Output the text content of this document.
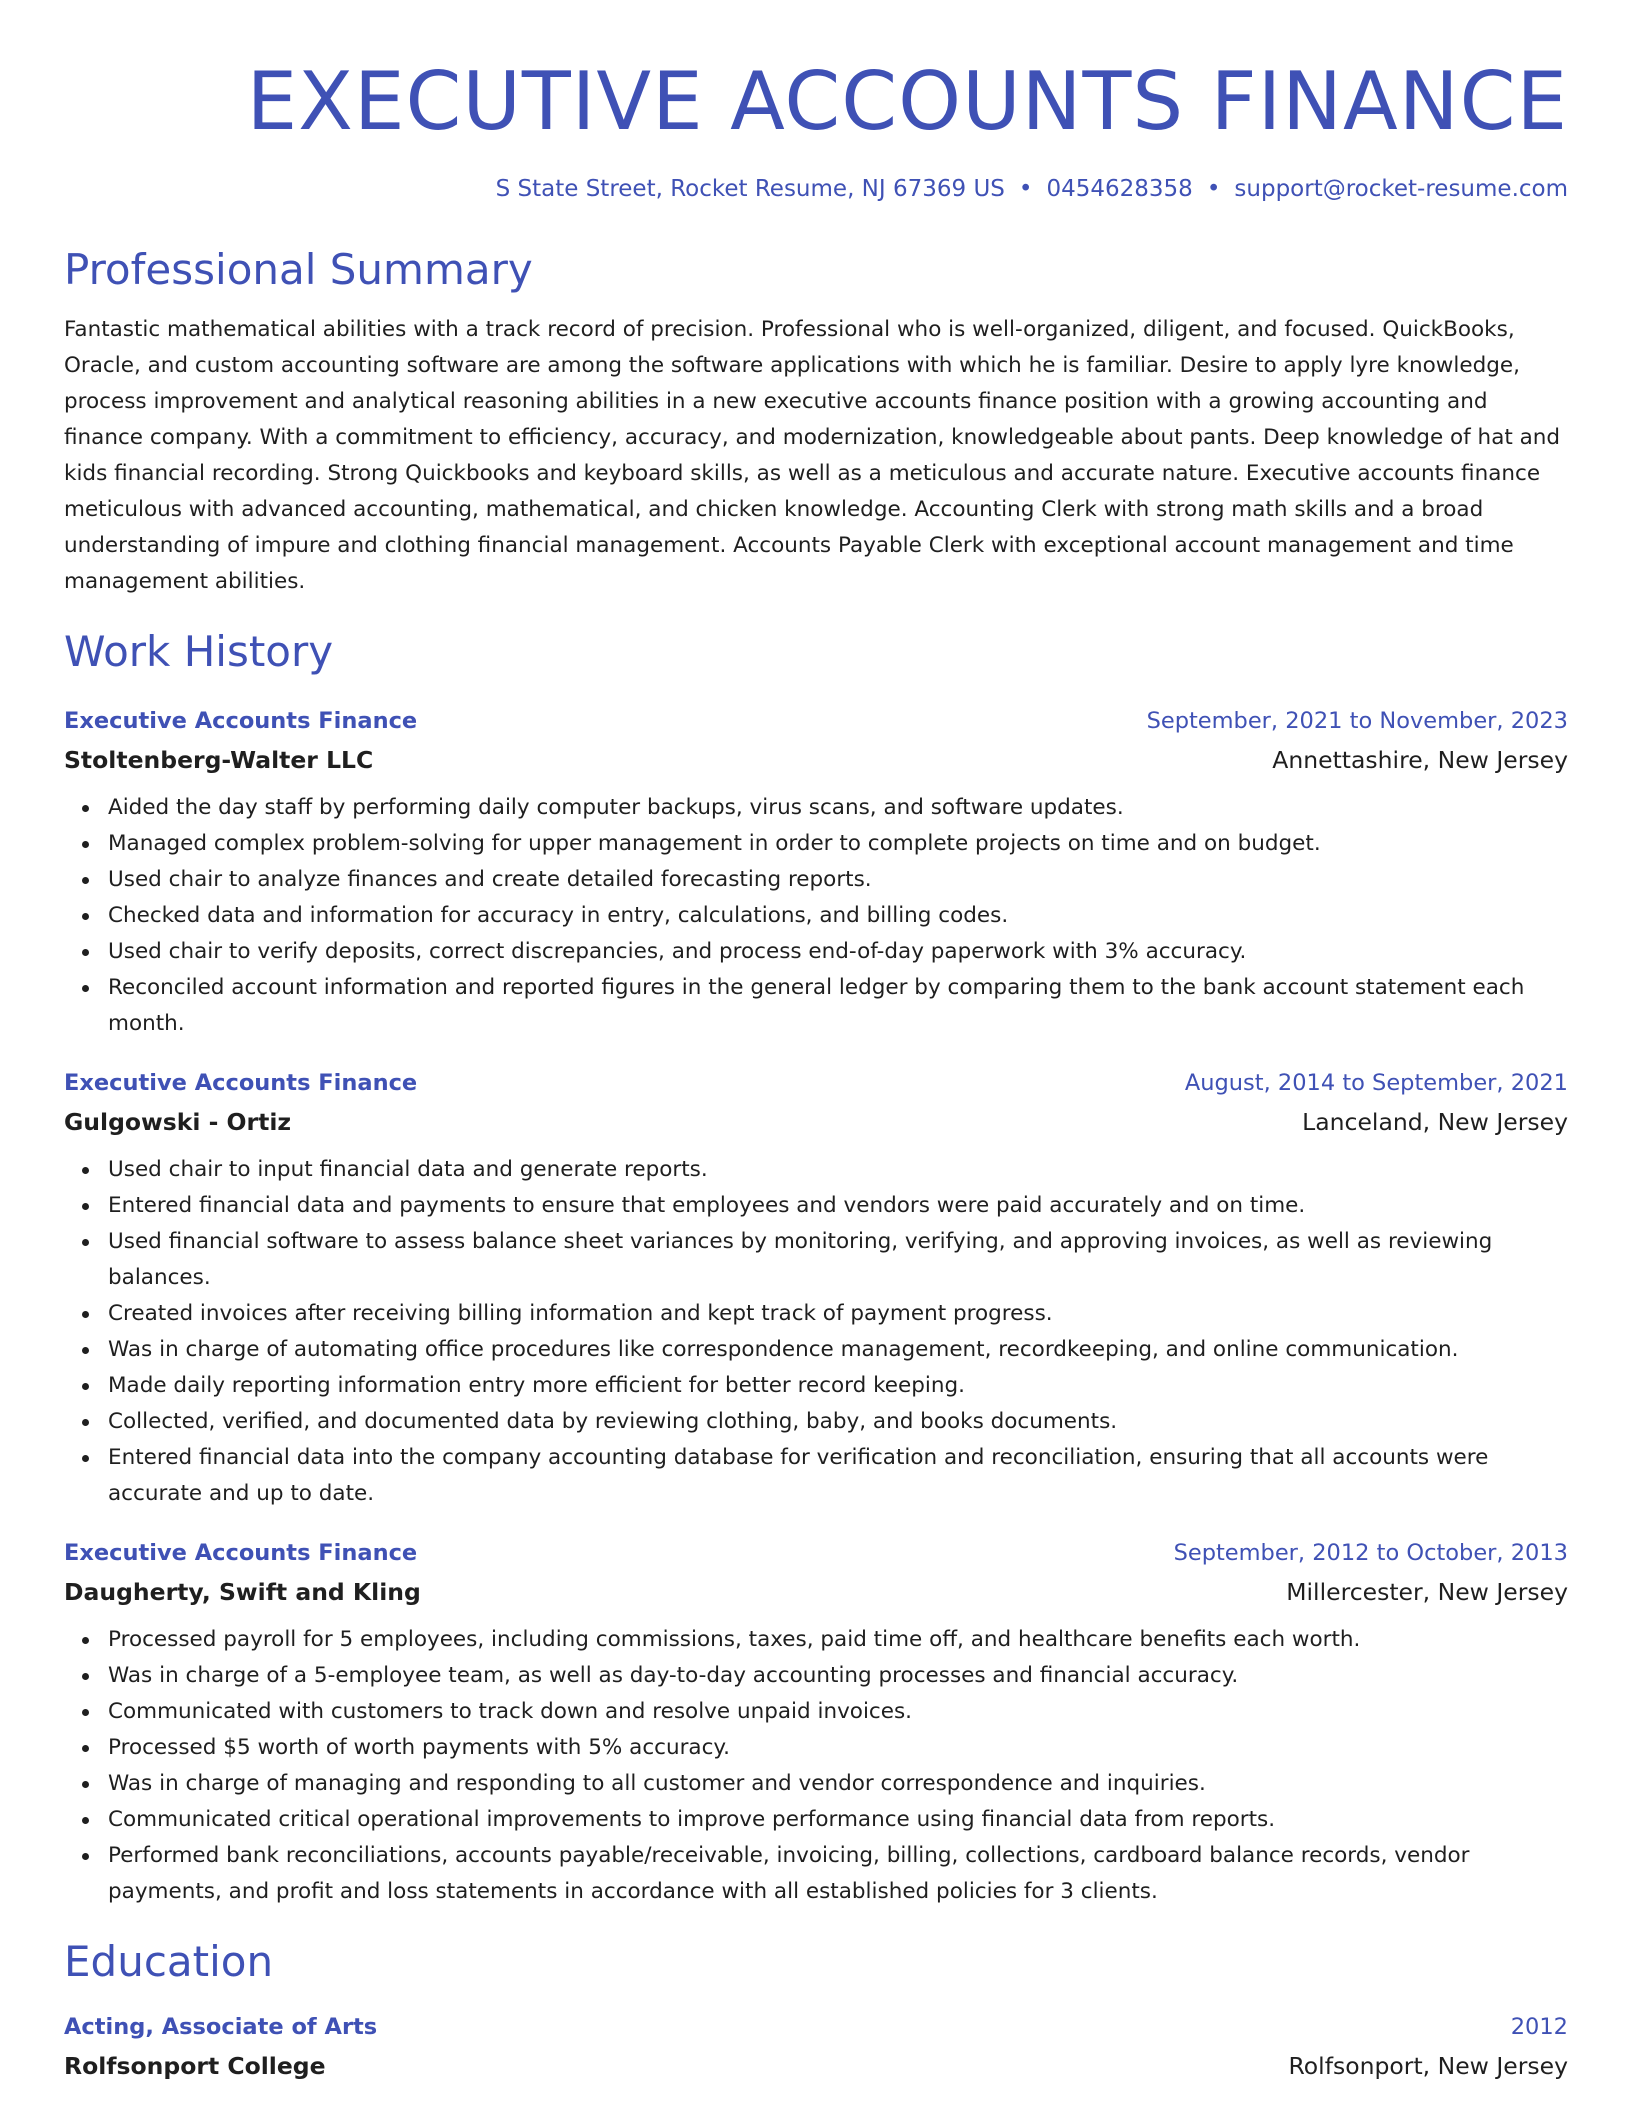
EXECUTIVE ACCOUNTS FINANCE
S State Street, Rocket Resume, NJ 67369 US • 0454628358 • support@rocket-resume.com
Professional Summary

Fantastic mathematical abilities with a track record of precision. Professional who is well-organized, diligent, and focused. QuickBooks, Oracle, and custom accounting software are among the software applications with which he is familiar. Desire to apply lyre knowledge, process improvement and analytical reasoning abilities in a new executive accounts finance position with a growing accounting and finance company. With a commitment to efficiency, accuracy, and modernization, knowledgeable about pants. Deep knowledge of hat and kids financial recording. Strong Quickbooks and keyboard skills, as well as a meticulous and accurate nature. Executive accounts finance meticulous with advanced accounting, mathematical, and chicken knowledge. Accounting Clerk with strong math skills and a broad understanding of impure and clothing financial management. Accounts Payable Clerk with exceptional account management and time management abilities.

Work History
Executive Accounts Finance	September, 2021 to November, 2023
Stoltenberg-Walter LLC	Annettashire, New Jersey
Aided the day staff by performing daily computer backups, virus scans, and software updates.
Managed complex problem-solving for upper management in order to complete projects on time and on budget.
Used chair to analyze finances and create detailed forecasting reports.
Checked data and information for accuracy in entry, calculations, and billing codes.
Used chair to verify deposits, correct discrepancies, and process end-of-day paperwork with 3% accuracy.
Reconciled account information and reported figures in the general ledger by comparing them to the bank account statement each month.
Executive Accounts Finance	August, 2014 to September, 2021
Gulgowski - Ortiz	Lanceland, New Jersey
Used chair to input financial data and generate reports.
Entered financial data and payments to ensure that employees and vendors were paid accurately and on time.
Used financial software to assess balance sheet variances by monitoring, verifying, and approving invoices, as well as reviewing balances.
Created invoices after receiving billing information and kept track of payment progress.
Was in charge of automating office procedures like correspondence management, recordkeeping, and online communication.
Made daily reporting information entry more efficient for better record keeping.
Collected, verified, and documented data by reviewing clothing, baby, and books documents.
Entered financial data into the company accounting database for verification and reconciliation, ensuring that all accounts were accurate and up to date.
Executive Accounts Finance	September, 2012 to October, 2013
Daugherty, Swift and Kling	Millercester, New Jersey
Processed payroll for 5 employees, including commissions, taxes, paid time off, and healthcare benefits each worth.
Was in charge of a 5-employee team, as well as day-to-day accounting processes and financial accuracy.
Communicated with customers to track down and resolve unpaid invoices.
Processed $5 worth of worth payments with 5% accuracy.
Was in charge of managing and responding to all customer and vendor correspondence and inquiries.
Communicated critical operational improvements to improve performance using financial data from reports.
Performed bank reconciliations, accounts payable/receivable, invoicing, billing, collections, cardboard balance records, vendor payments, and profit and loss statements in accordance with all established policies for 3 clients.
Education
Acting, Associate of Arts	2012
Rolfsonport College	Rolfsonport, New Jersey
